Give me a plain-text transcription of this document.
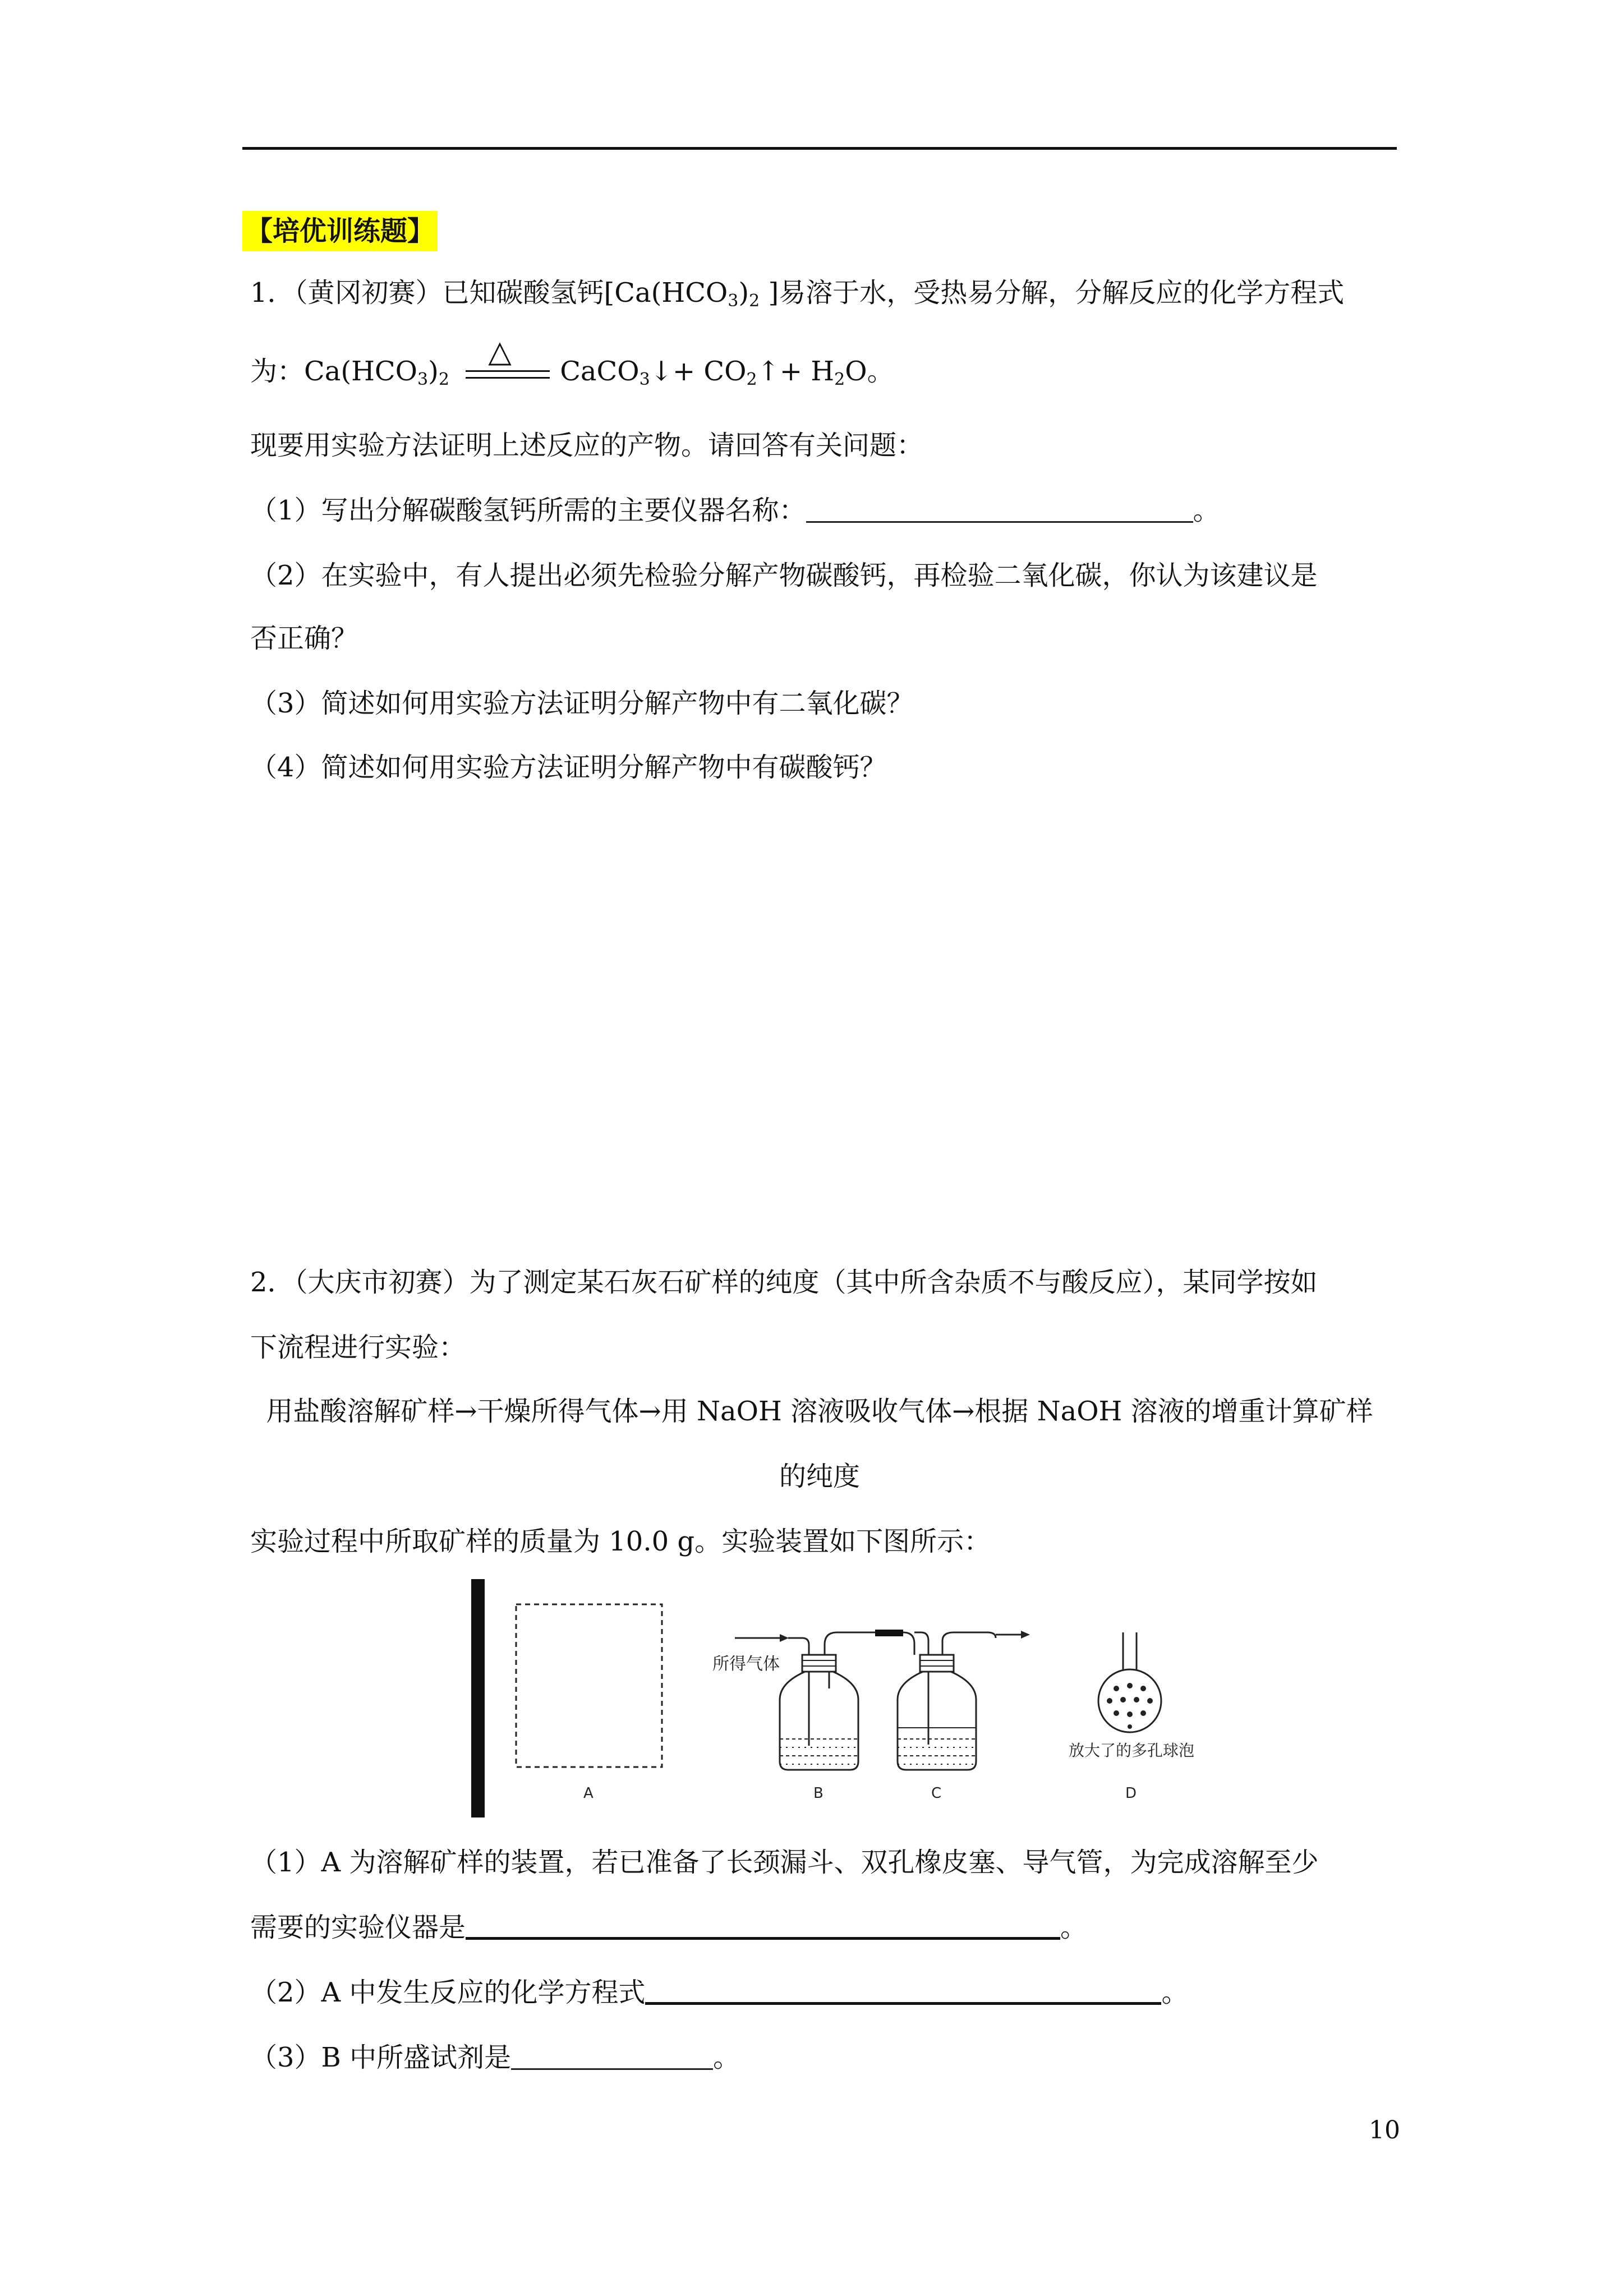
【培优训练题】
1．（黄冈初赛）已知碳酸氢钙[$Ca(HCO_3)_2$ ]易溶于水，受热易分解，分解反应的化学方程式
为：$Ca(HCO_3)_2$
△
CaCO$_3$↓+ $CO_2↑+ H_2O$。
现要用实验方法证明上述反应的产物。请回答有关问题：
（1）写出分解碳酸氢钙所需的主要仪器名称：	。
（2）在实验中，有人提出必须先检验分解产物碳酸钙，再检验二氧化碳，你认为该建议是
否正确？
（3）简述如何用实验方法证明分解产物中有二氧化碳？
（4）简述如何用实验方法证明分解产物中有碳酸钙？
2．（大庆市初赛）为了测定某石灰石矿样的纯度（其中所含杂质不与酸反应），某同学按如
下流程进行实验：
用盐酸溶解矿样→干燥所得气体→用 NaOH 溶液吸收气体→根据 NaOH 溶液的增重计算矿样
的纯度
实验过程中所取矿样的质量为 10.0 g。实验装置如下图所示：
所得气体
放大了的多孔球泡
A	B	C	D
（1）A 为溶解矿样的装置，若已准备了长颈漏斗、双孔橡皮塞、导气管，为完成溶解至少
需要的实验仪器是	。
（2）A 中发生反应的化学方程式	。
（3）B 中所盛试剂是	。
10
